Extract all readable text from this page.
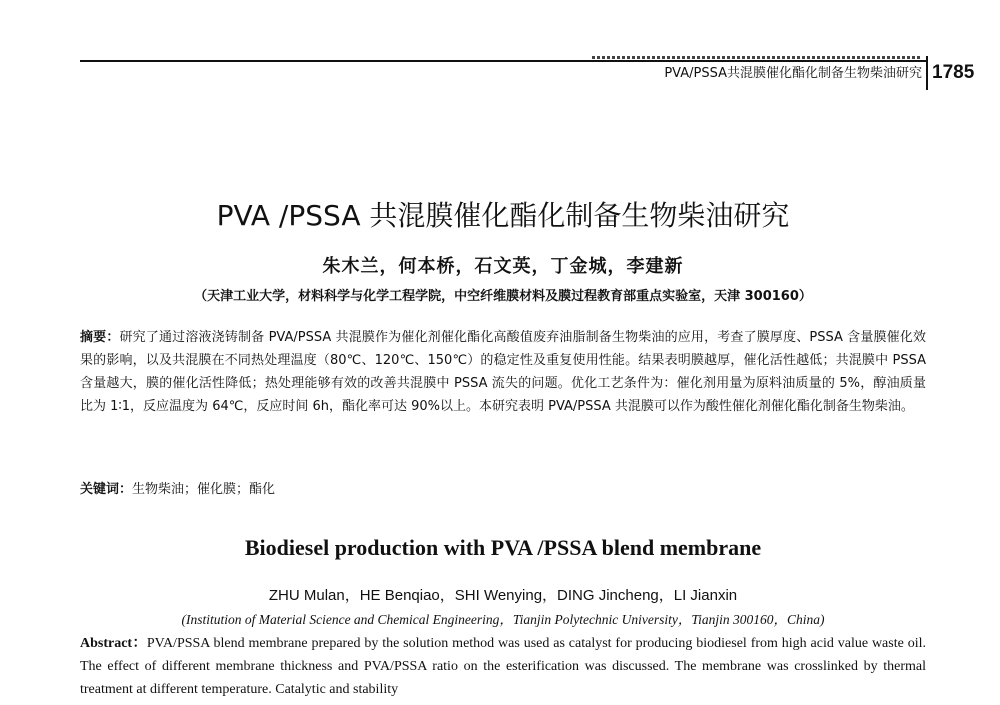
PVA/PSSA共混膜催化酯化制备生物柴油研究 1785
PVA /PSSA 共混膜催化酯化制备生物柴油研究
朱木兰，何本桥，石文英，丁金城，李建新
（天津工业大学，材料科学与化学工程学院，中空纤维膜材料及膜过程教育部重点实验室，天津 300160）
摘要：研究了通过溶液浇铸制备 PVA/PSSA 共混膜作为催化剂催化酯化高酸值废弃油脂制备生物柴油的应用，考查了膜厚度、PSSA 含量膜催化效果的影响，以及共混膜在不同热处理温度（80℃、120℃、150℃）的稳定性及重复使用性能。结果表明膜越厚，催化活性越低；共混膜中 PSSA 含量越大，膜的催化活性降低；热处理能够有效的改善共混膜中 PSSA 流失的问题。优化工艺条件为：催化剂用量为原料油质量的 5%，醇油质量比为 1∶1，反应温度为 64℃，反应时间 6h，酯化率可达 90%以上。本研究表明 PVA/PSSA 共混膜可以作为酸性催化剂催化酯化制备生物柴油。
关键词：生物柴油；催化膜；酯化
Biodiesel production with PVA /PSSA blend membrane
ZHU Mulan，HE Benqiao，SHI Wenying，DING Jincheng，LI Jianxin
(Institution of Material Science and Chemical Engineering，Tianjin Polytechnic University，Tianjin 300160，China)
Abstract：PVA/PSSA blend membrane prepared by the solution method was used as catalyst for producing biodiesel from high acid value waste oil. The effect of different membrane thickness and PVA/PSSA ratio on the esterification was discussed. The membrane was crosslinked by thermal treatment at different temperature. Catalytic and stability
